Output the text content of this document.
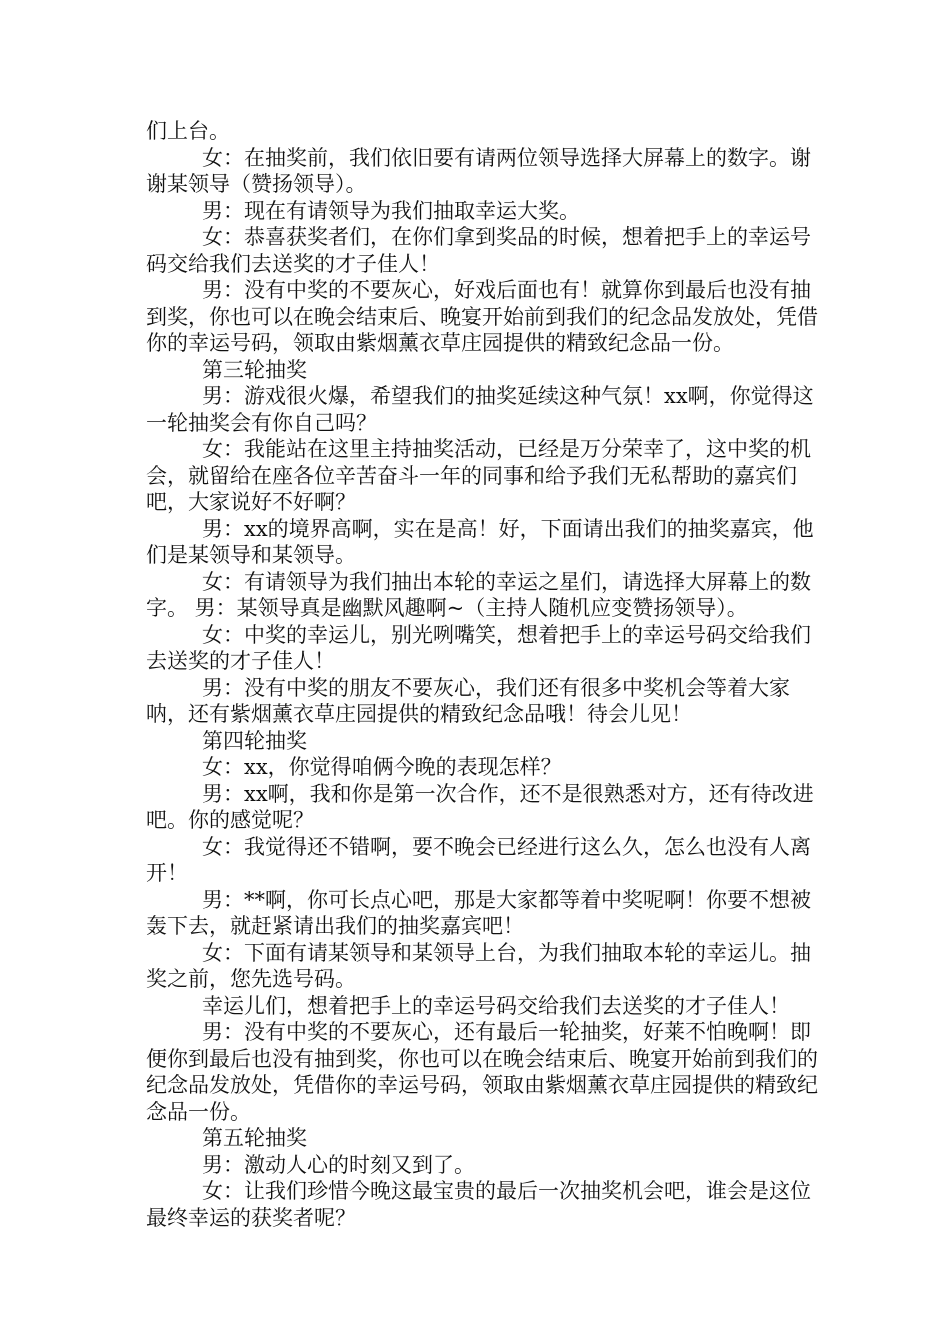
们上台。

女：在抽奖前，我们依旧要有请两位领导选择大屏幕上的数字。谢谢某领导（赞扬领导）。

男：现在有请领导为我们抽取幸运大奖。

女：恭喜获奖者们，在你们拿到奖品的时候，想着把手上的幸运号码交给我们去送奖的才子佳人！

男：没有中奖的不要灰心，好戏后面也有！就算你到最后也没有抽到奖，你也可以在晚会结束后、晚宴开始前到我们的纪念品发放处，凭借你的幸运号码，领取由紫烟薰衣草庄园提供的精致纪念品一份。

第三轮抽奖

男：游戏很火爆，希望我们的抽奖延续这种气氛！xx啊，你觉得这一轮抽奖会有你自己吗？

女：我能站在这里主持抽奖活动，已经是万分荣幸了，这中奖的机会，就留给在座各位辛苦奋斗一年的同事和给予我们无私帮助的嘉宾们吧，大家说好不好啊？

男：xx的境界高啊，实在是高！好，下面请出我们的抽奖嘉宾，他们是某领导和某领导。

女：有请领导为我们抽出本轮的幸运之星们，请选择大屏幕上的数字。 男：某领导真是幽默风趣啊~（主持人随机应变赞扬领导）。

女：中奖的幸运儿，别光咧嘴笑，想着把手上的幸运号码交给我们去送奖的才子佳人！

男：没有中奖的朋友不要灰心，我们还有很多中奖机会等着大家呐，还有紫烟薰衣草庄园提供的精致纪念品哦！待会儿见！

第四轮抽奖

女：xx，你觉得咱俩今晚的表现怎样？

男：xx啊，我和你是第一次合作，还不是很熟悉对方，还有待改进吧。你的感觉呢？

女：我觉得还不错啊，要不晚会已经进行这么久，怎么也没有人离开！

男：**啊，你可长点心吧，那是大家都等着中奖呢啊！你要不想被轰下去，就赶紧请出我们的抽奖嘉宾吧！

女：下面有请某领导和某领导上台，为我们抽取本轮的幸运儿。抽奖之前，您先选号码。

幸运儿们，想着把手上的幸运号码交给我们去送奖的才子佳人！

男：没有中奖的不要灰心，还有最后一轮抽奖，好莱不怕晚啊！即便你到最后也没有抽到奖，你也可以在晚会结束后、晚宴开始前到我们的纪念品发放处，凭借你的幸运号码，领取由紫烟薰衣草庄园提供的精致纪念品一份。

第五轮抽奖

男：激动人心的时刻又到了。

女：让我们珍惜今晚这最宝贵的最后一次抽奖机会吧，谁会是这位最终幸运的获奖者呢？
